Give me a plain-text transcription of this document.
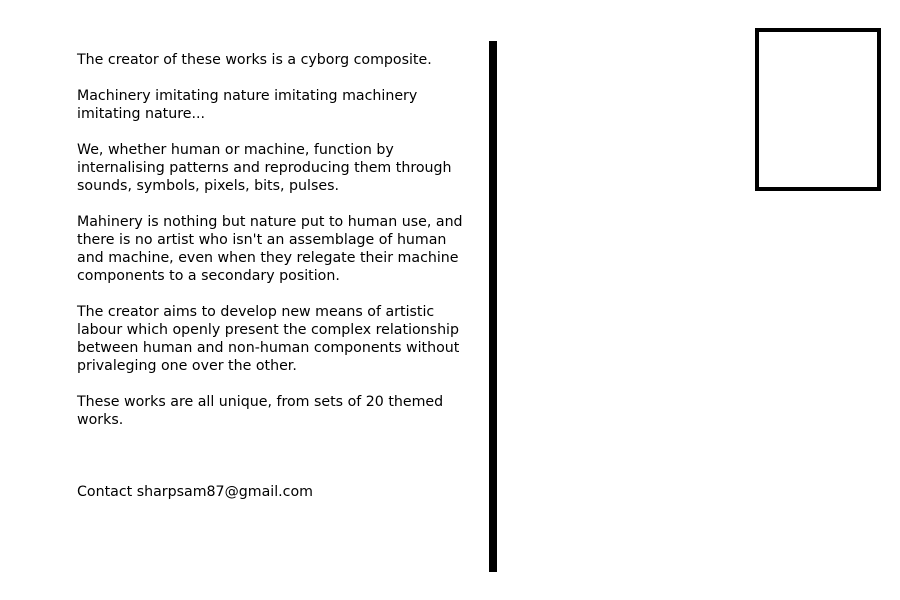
The creator of these works is a cyborg composite.

Machinery imitating nature imitating machinery imitating nature...

We, whether human or machine, function by internalising patterns and reproducing them through sounds, symbols, pixels, bits, pulses.

Mahinery is nothing but nature put to human use, and there is no artist who isn't an assemblage of human and machine, even when they relegate their machine components to a secondary position.

The creator aims to develop new means of artistic labour which openly present the complex relationship between human and non-human components without privaleging one over the other.

These works are all unique, from sets of 20 themed works.

Contact sharpsam87@gmail.com
